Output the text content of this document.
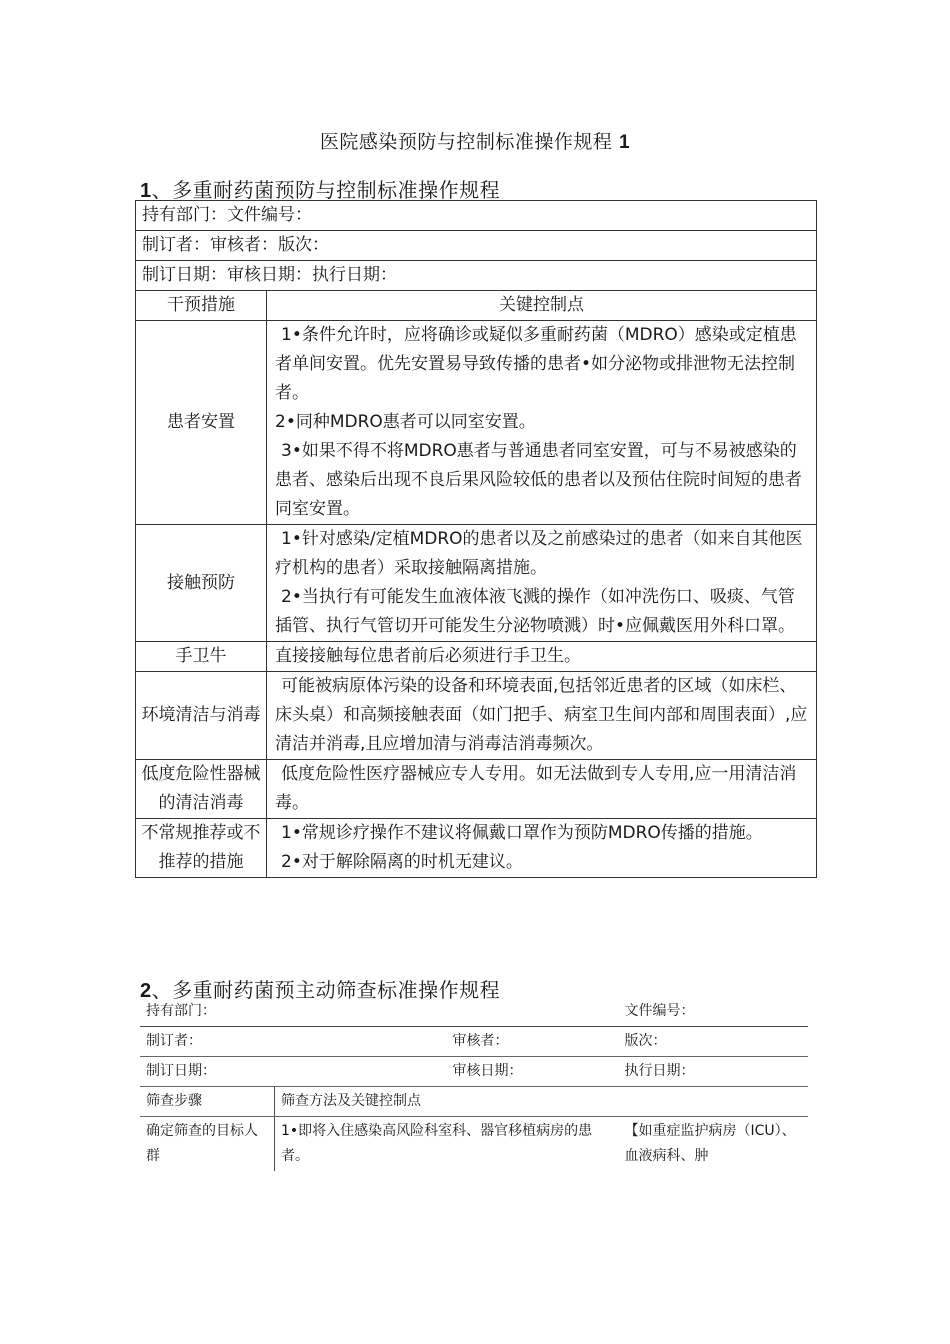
医院感染预防与控制标准操作规程 1
1、多重耐药菌预防与控制标准操作规程
持有部门：文件编号：	
制订者：审核者：版次：	
制订日期：审核日期：执行日期：	
干预措施	关键控制点
患者安置	1•条件允许时，应将确诊或疑似多重耐药菌（MDRO）感染或定植患者单间安置。优先安置易导致传播的患者•如分泌物或排泄物无法控制者。
2•同种MDRO惠者可以同室安置。
3•如果不得不将MDRO惠者与普通患者同室安置，可与不易被感染的患者、感染后出现不良后果风险较低的患者以及预估住院时间短的患者同室安置。

接触预防	1•针对感染/定植MDRO的患者以及之前感染过的患者（如来自其他医疗机构的患者）采取接触隔离措施。
2•当执行有可能发生血液体液飞溅的操作（如冲洗伤口、吸痰、气管插管、执行气管切开可能发生分泌物喷溅）时•应佩戴医用外科口罩。

手卫牛	直接接触每位患者前后必须进行手卫生。

环境清洁与消毒	可能被病原体污染的设备和环境表面,包括邻近患者的区域（如床栏、床头桌）和高频接触表面（如门把手、病室卫生间内部和周围表面）,应清洁并消毒,且应增加清与消毒洁消毒频次。

低度危险性器械的清洁消毒	低度危险性医疗器械应专人专用。如无法做到专人专用,应一用清洁消毒。

不常规推荐或不推荐的措施	1•常规诊疗操作不建议将佩戴口罩作为预防MDRO传播的措施。
2•对于解除隔离的时机无建议。
2、多重耐药菌预主动筛查标准操作规程
持有部门：			文件编号：
制订者：		审核者：	版次：
制订日期：		审核日期：	执行日期：
筛查步骤	筛查方法及关键控制点		
确定筛查的目标人群	1•即将入住感染高风险科室科、器官移植病房的患者。		【如重症监护病房（ICU）、血液病科、肿
